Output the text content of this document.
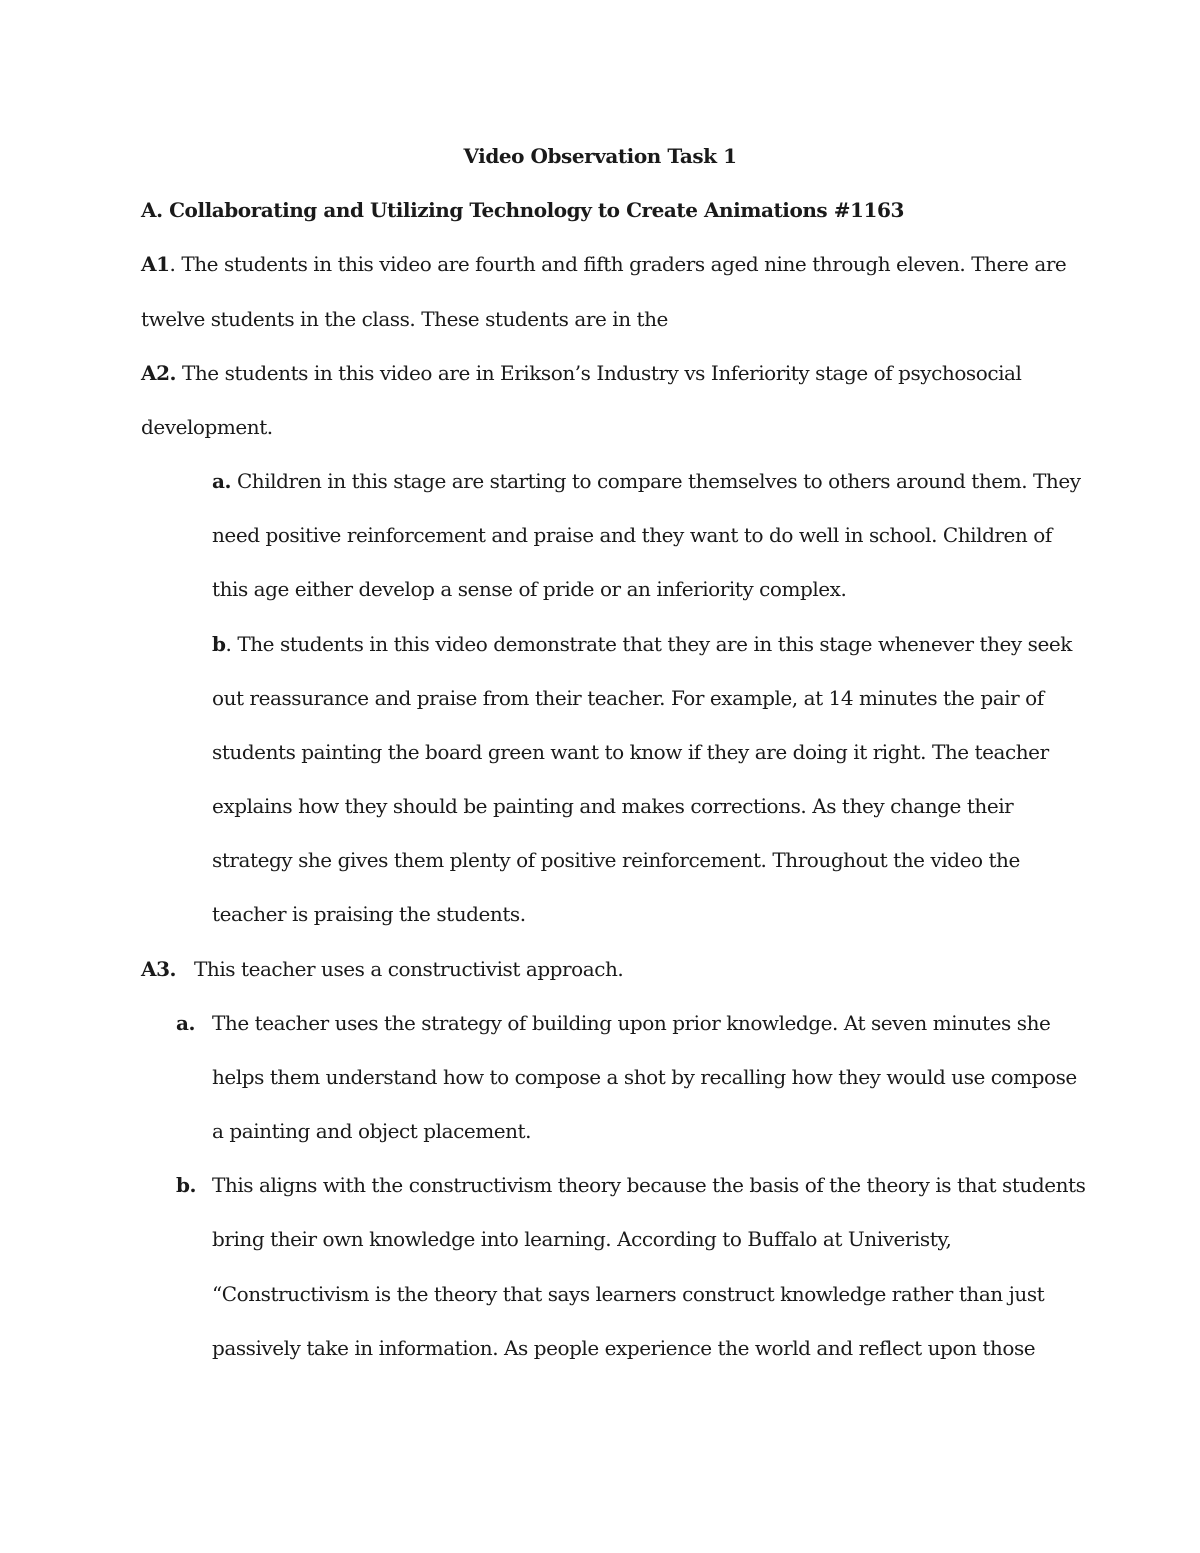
Video Observation Task 1
A. Collaborating and Utilizing Technology to Create Animations #1163
A1. The students in this video are fourth and fifth graders aged nine through eleven. There are
twelve students in the class. These students are in the
A2. The students in this video are in Erikson’s Industry vs Inferiority stage of psychosocial
development.
a. Children in this stage are starting to compare themselves to others around them. They
need positive reinforcement and praise and they want to do well in school. Children of
this age either develop a sense of pride or an inferiority complex.
b. The students in this video demonstrate that they are in this stage whenever they seek
out reassurance and praise from their teacher. For example, at 14 minutes the pair of
students painting the board green want to know if they are doing it right. The teacher
explains how they should be painting and makes corrections. As they change their
strategy she gives them plenty of positive reinforcement. Throughout the video the
teacher is praising the students.
A3. This teacher uses a constructivist approach.
a. The teacher uses the strategy of building upon prior knowledge. At seven minutes she
helps them understand how to compose a shot by recalling how they would use compose
a painting and object placement.
b. This aligns with the constructivism theory because the basis of the theory is that students
bring their own knowledge into learning. According to Buffalo at Univeristy,
“Constructivism is the theory that says learners construct knowledge rather than just
passively take in information. As people experience the world and reflect upon those
